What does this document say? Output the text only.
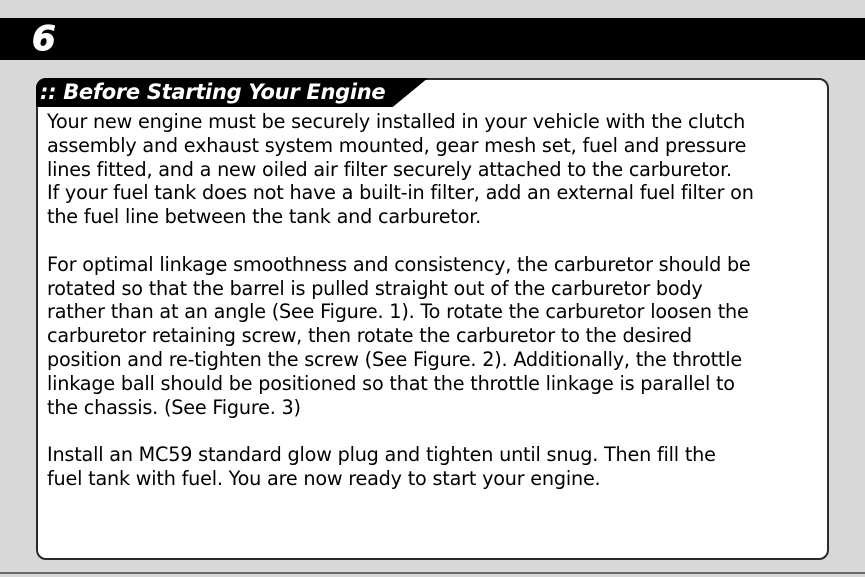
6
:: Before Starting Your Engine

Your new engine must be securely installed in your vehicle with the clutch
assembly and exhaust system mounted, gear mesh set, fuel and pressure
lines fitted, and a new oiled air filter securely attached to the carburetor.
If your fuel tank does not have a built-in filter, add an external fuel filter on
the fuel line between the tank and carburetor.

For optimal linkage smoothness and consistency, the carburetor should be
rotated so that the barrel is pulled straight out of the carburetor body
rather than at an angle (See Figure. 1). To rotate the carburetor loosen the
carburetor retaining screw, then rotate the carburetor to the desired
position and re-tighten the screw (See Figure. 2). Additionally, the throttle
linkage ball should be positioned so that the throttle linkage is parallel to
the chassis. (See Figure. 3)

Install an MC59 standard glow plug and tighten until snug. Then fill the
fuel tank with fuel. You are now ready to start your engine.
